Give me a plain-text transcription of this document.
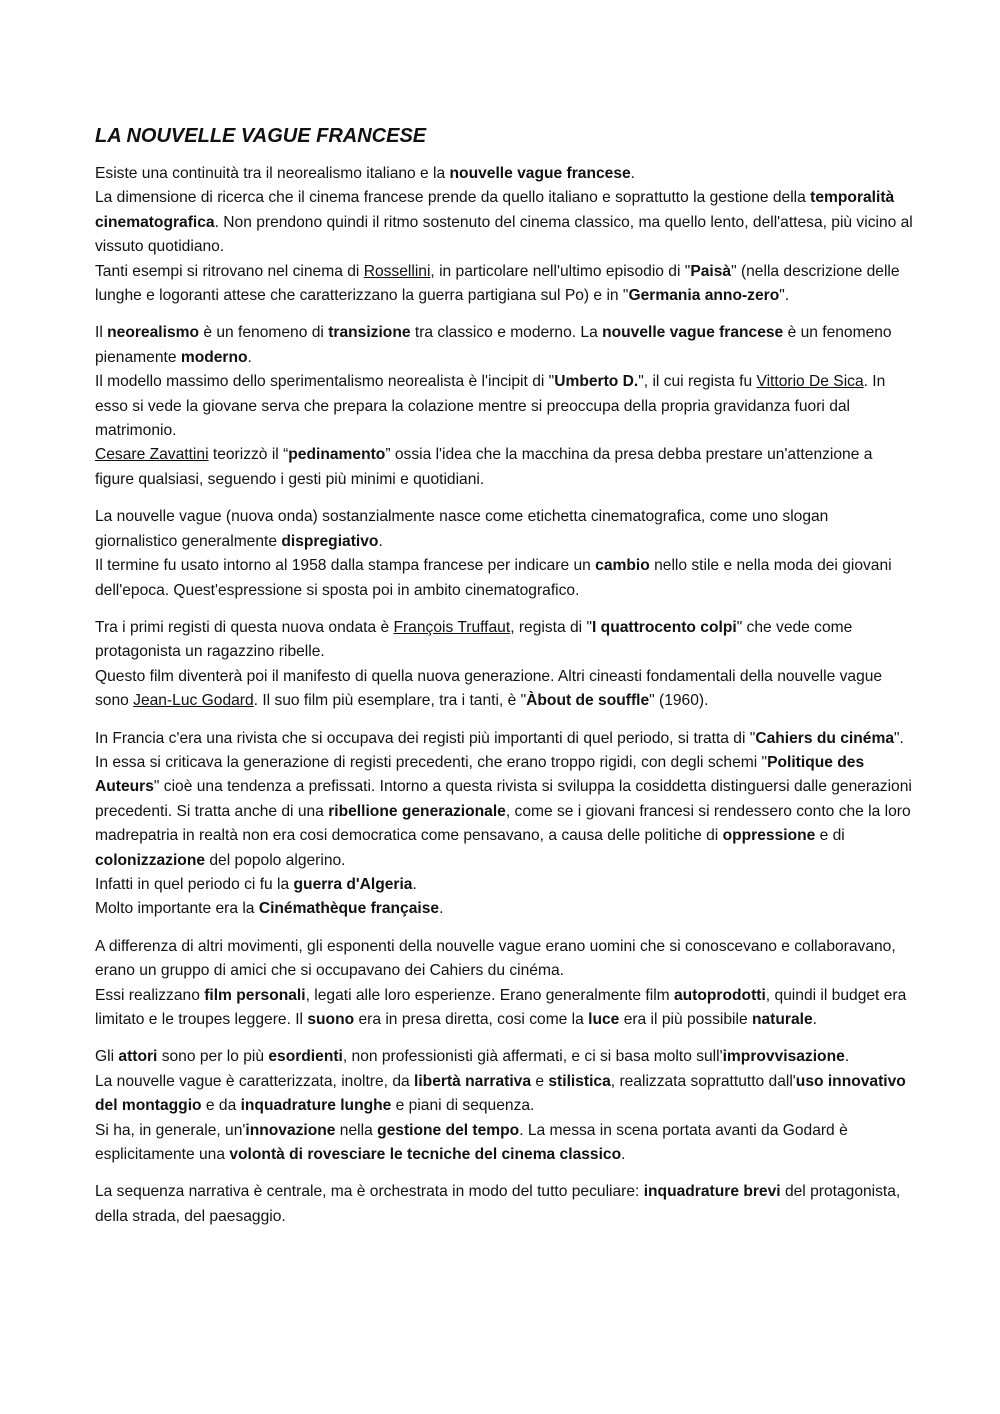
LA NOUVELLE VAGUE FRANCESE

Esiste una continuità tra il neorealismo italiano e la nouvelle vague francese.
La dimensione di ricerca che il cinema francese prende da quello italiano e soprattutto la gestione della temporalità cinematografica. Non prendono quindi il ritmo sostenuto del cinema classico, ma quello lento, dell'attesa, più vicino al vissuto quotidiano.
Tanti esempi si ritrovano nel cinema di Rossellini, in particolare nell'ultimo episodio di "Paisà" (nella descrizione delle lunghe e logoranti attese che caratterizzano la guerra partigiana sul Po) e in "Germania anno-zero".

Il neorealismo è un fenomeno di transizione tra classico e moderno. La nouvelle vague francese è un fenomeno pienamente moderno.
Il modello massimo dello sperimentalismo neorealista è l'incipit di "Umberto D.", il cui regista fu Vittorio De Sica. In esso si vede la giovane serva che prepara la colazione mentre si preoccupa della propria gravidanza fuori dal matrimonio.
Cesare Zavattini teorizzò il “pedinamento” ossia l'idea che la macchina da presa debba prestare un'attenzione a figure qualsiasi, seguendo i gesti più minimi e quotidiani.

La nouvelle vague (nuova onda) sostanzialmente nasce come etichetta cinematografica, come uno slogan giornalistico generalmente dispregiativo.
Il termine fu usato intorno al 1958 dalla stampa francese per indicare un cambio nello stile e nella moda dei giovani dell'epoca. Quest'espressione si sposta poi in ambito cinematografico.

Tra i primi registi di questa nuova ondata è François Truffaut, regista di "I quattrocento colpi" che vede come protagonista un ragazzino ribelle.
Questo film diventerà poi il manifesto di quella nuova generazione. Altri cineasti fondamentali della nouvelle vague sono Jean-Luc Godard. Il suo film più esemplare, tra i tanti, è "Àbout de souffle" (1960).

In Francia c'era una rivista che si occupava dei registi più importanti di quel periodo, si tratta di "Cahiers du cinéma".
In essa si criticava la generazione di registi precedenti, che erano troppo rigidi, con degli schemi "Politique des Auteurs" cioè una tendenza a prefissati. Intorno a questa rivista si sviluppa la cosiddetta distinguersi dalle generazioni precedenti. Si tratta anche di una ribellione generazionale, come se i giovani francesi si rendessero conto che la loro madrepatria in realtà non era cosi democratica come pensavano, a causa delle politiche di oppressione e di colonizzazione del popolo algerino.
Infatti in quel periodo ci fu la guerra d'Algeria.
Molto importante era la Cinémathèque française.

A differenza di altri movimenti, gli esponenti della nouvelle vague erano uomini che si conoscevano e collaboravano, erano un gruppo di amici che si occupavano dei Cahiers du cinéma.
Essi realizzano film personali, legati alle loro esperienze. Erano generalmente film autoprodotti, quindi il budget era limitato e le troupes leggere. Il suono era in presa diretta, cosi come la luce era il più possibile naturale.

Gli attori sono per lo più esordienti, non professionisti già affermati, e ci si basa molto sull'improvvisazione.
La nouvelle vague è caratterizzata, inoltre, da libertà narrativa e stilistica, realizzata soprattutto dall'uso innovativo del montaggio e da inquadrature lunghe e piani di sequenza.
Si ha, in generale, un'innovazione nella gestione del tempo. La messa in scena portata avanti da Godard è esplicitamente una volontà di rovesciare le tecniche del cinema classico.

La sequenza narrativa è centrale, ma è orchestrata in modo del tutto peculiare: inquadrature brevi del protagonista, della strada, del paesaggio.
